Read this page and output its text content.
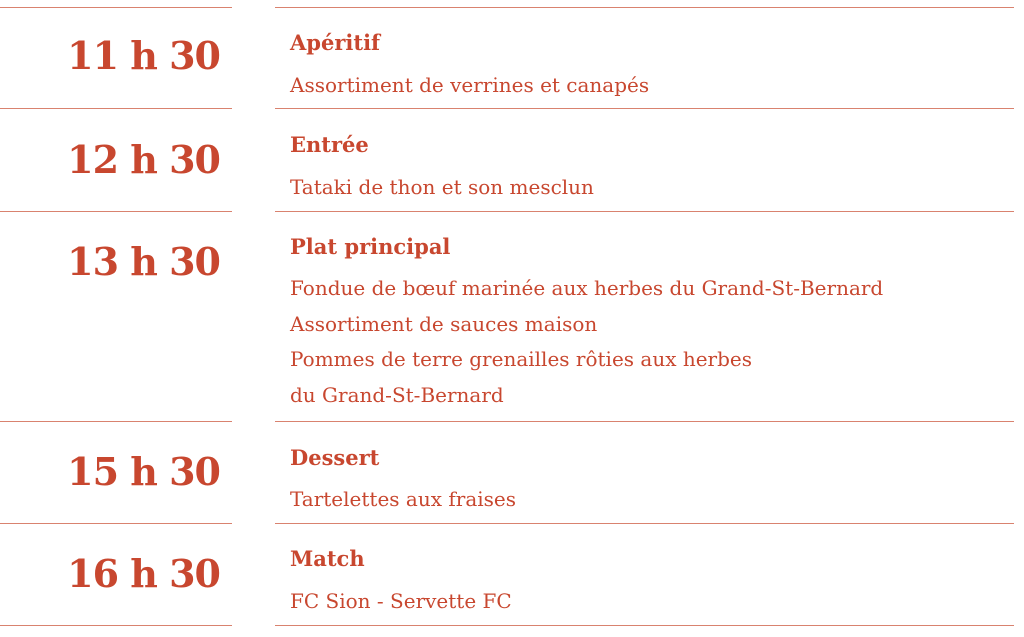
11 h 30	Apéritif
Assortiment de verrines et canapés
12 h 30	Entrée
Tataki de thon et son mesclun
13 h 30	Plat principal
Fondue de bœuf marinée aux herbes du Grand-St-Bernard
Assortiment de sauces maison
Pommes de terre grenailles rôties aux herbes
du Grand-St-Bernard
15 h 30	Dessert
Tartelettes aux fraises
16 h 30	Match
FC Sion - Servette FC
